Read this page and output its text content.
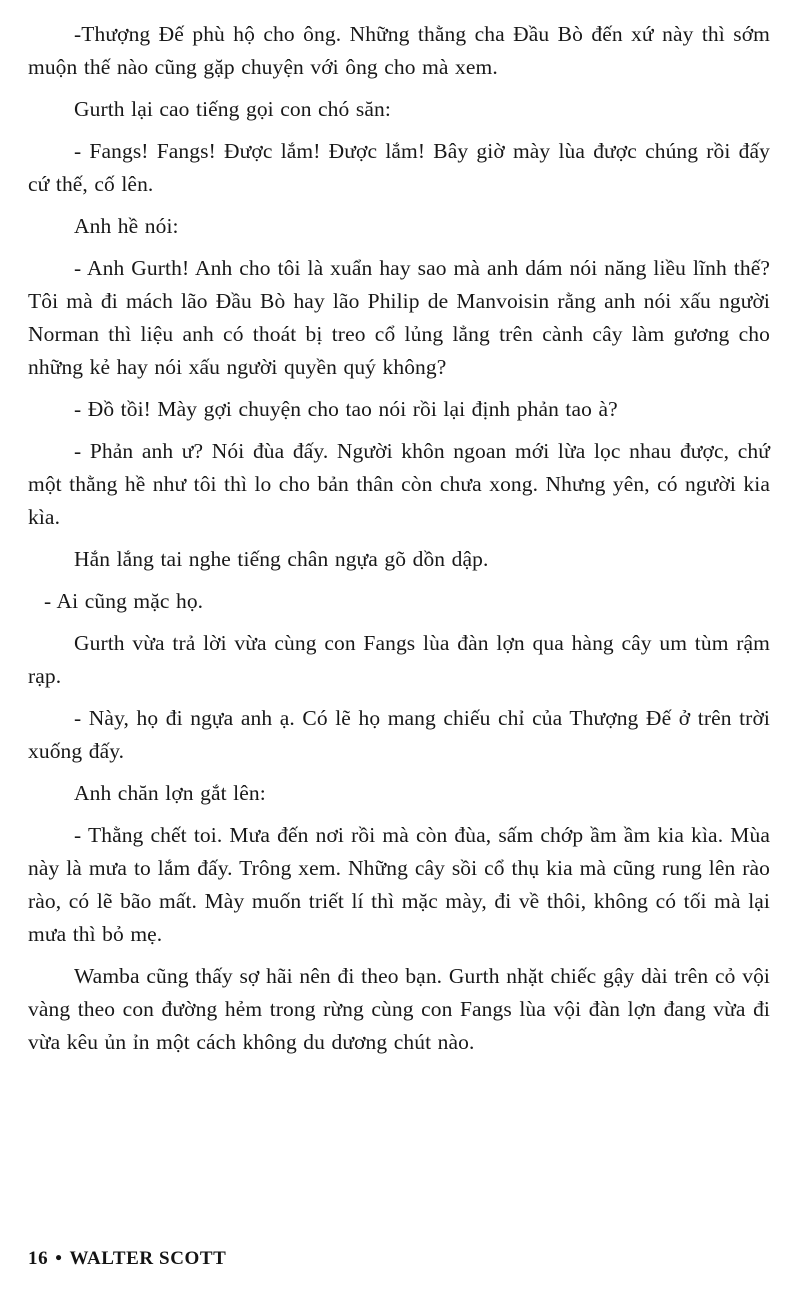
-Thượng Đế phù hộ cho ông. Những thằng cha Đầu Bò đến xứ này thì sớm muộn thế nào cũng gặp chuyện với ông cho mà xem.

Gurth lại cao tiếng gọi con chó săn:

- Fangs! Fangs! Được lắm! Được lắm! Bây giờ mày lùa được chúng rồi đấy cứ thế, cố lên.

Anh hề nói:

- Anh Gurth! Anh cho tôi là xuẩn hay sao mà anh dám nói năng liều lĩnh thế? Tôi mà đi mách lão Đầu Bò hay lão Philip de Manvoisin rằng anh nói xấu người Norman thì liệu anh có thoát bị treo cổ lủng lẳng trên cành cây làm gương cho những kẻ hay nói xấu người quyền quý không?

- Đồ tồi! Mày gợi chuyện cho tao nói rồi lại định phản tao à?

- Phản anh ư? Nói đùa đấy. Người khôn ngoan mới lừa lọc nhau được, chứ một thằng hề như tôi thì lo cho bản thân còn chưa xong. Nhưng yên, có người kia kìa.

Hắn lắng tai nghe tiếng chân ngựa gõ dồn dập.

- Ai cũng mặc họ.

Gurth vừa trả lời vừa cùng con Fangs lùa đàn lợn qua hàng cây um tùm rậm rạp.

- Này, họ đi ngựa anh ạ. Có lẽ họ mang chiếu chỉ của Thượng Đế ở trên trời xuống đấy.

Anh chăn lợn gắt lên:

- Thằng chết toi. Mưa đến nơi rồi mà còn đùa, sấm chớp ầm ầm kia kìa. Mùa này là mưa to lắm đấy. Trông xem. Những cây sồi cổ thụ kia mà cũng rung lên rào rào, có lẽ bão mất. Mày muốn triết lí thì mặc mày, đi về thôi, không có tối mà lại mưa thì bỏ mẹ.

Wamba cũng thấy sợ hãi nên đi theo bạn. Gurth nhặt chiếc gậy dài trên cỏ vội vàng theo con đường hẻm trong rừng cùng con Fangs lùa vội đàn lợn đang vừa đi vừa kêu ủn ỉn một cách không du dương chút nào.

16 • WALTER SCOTT
